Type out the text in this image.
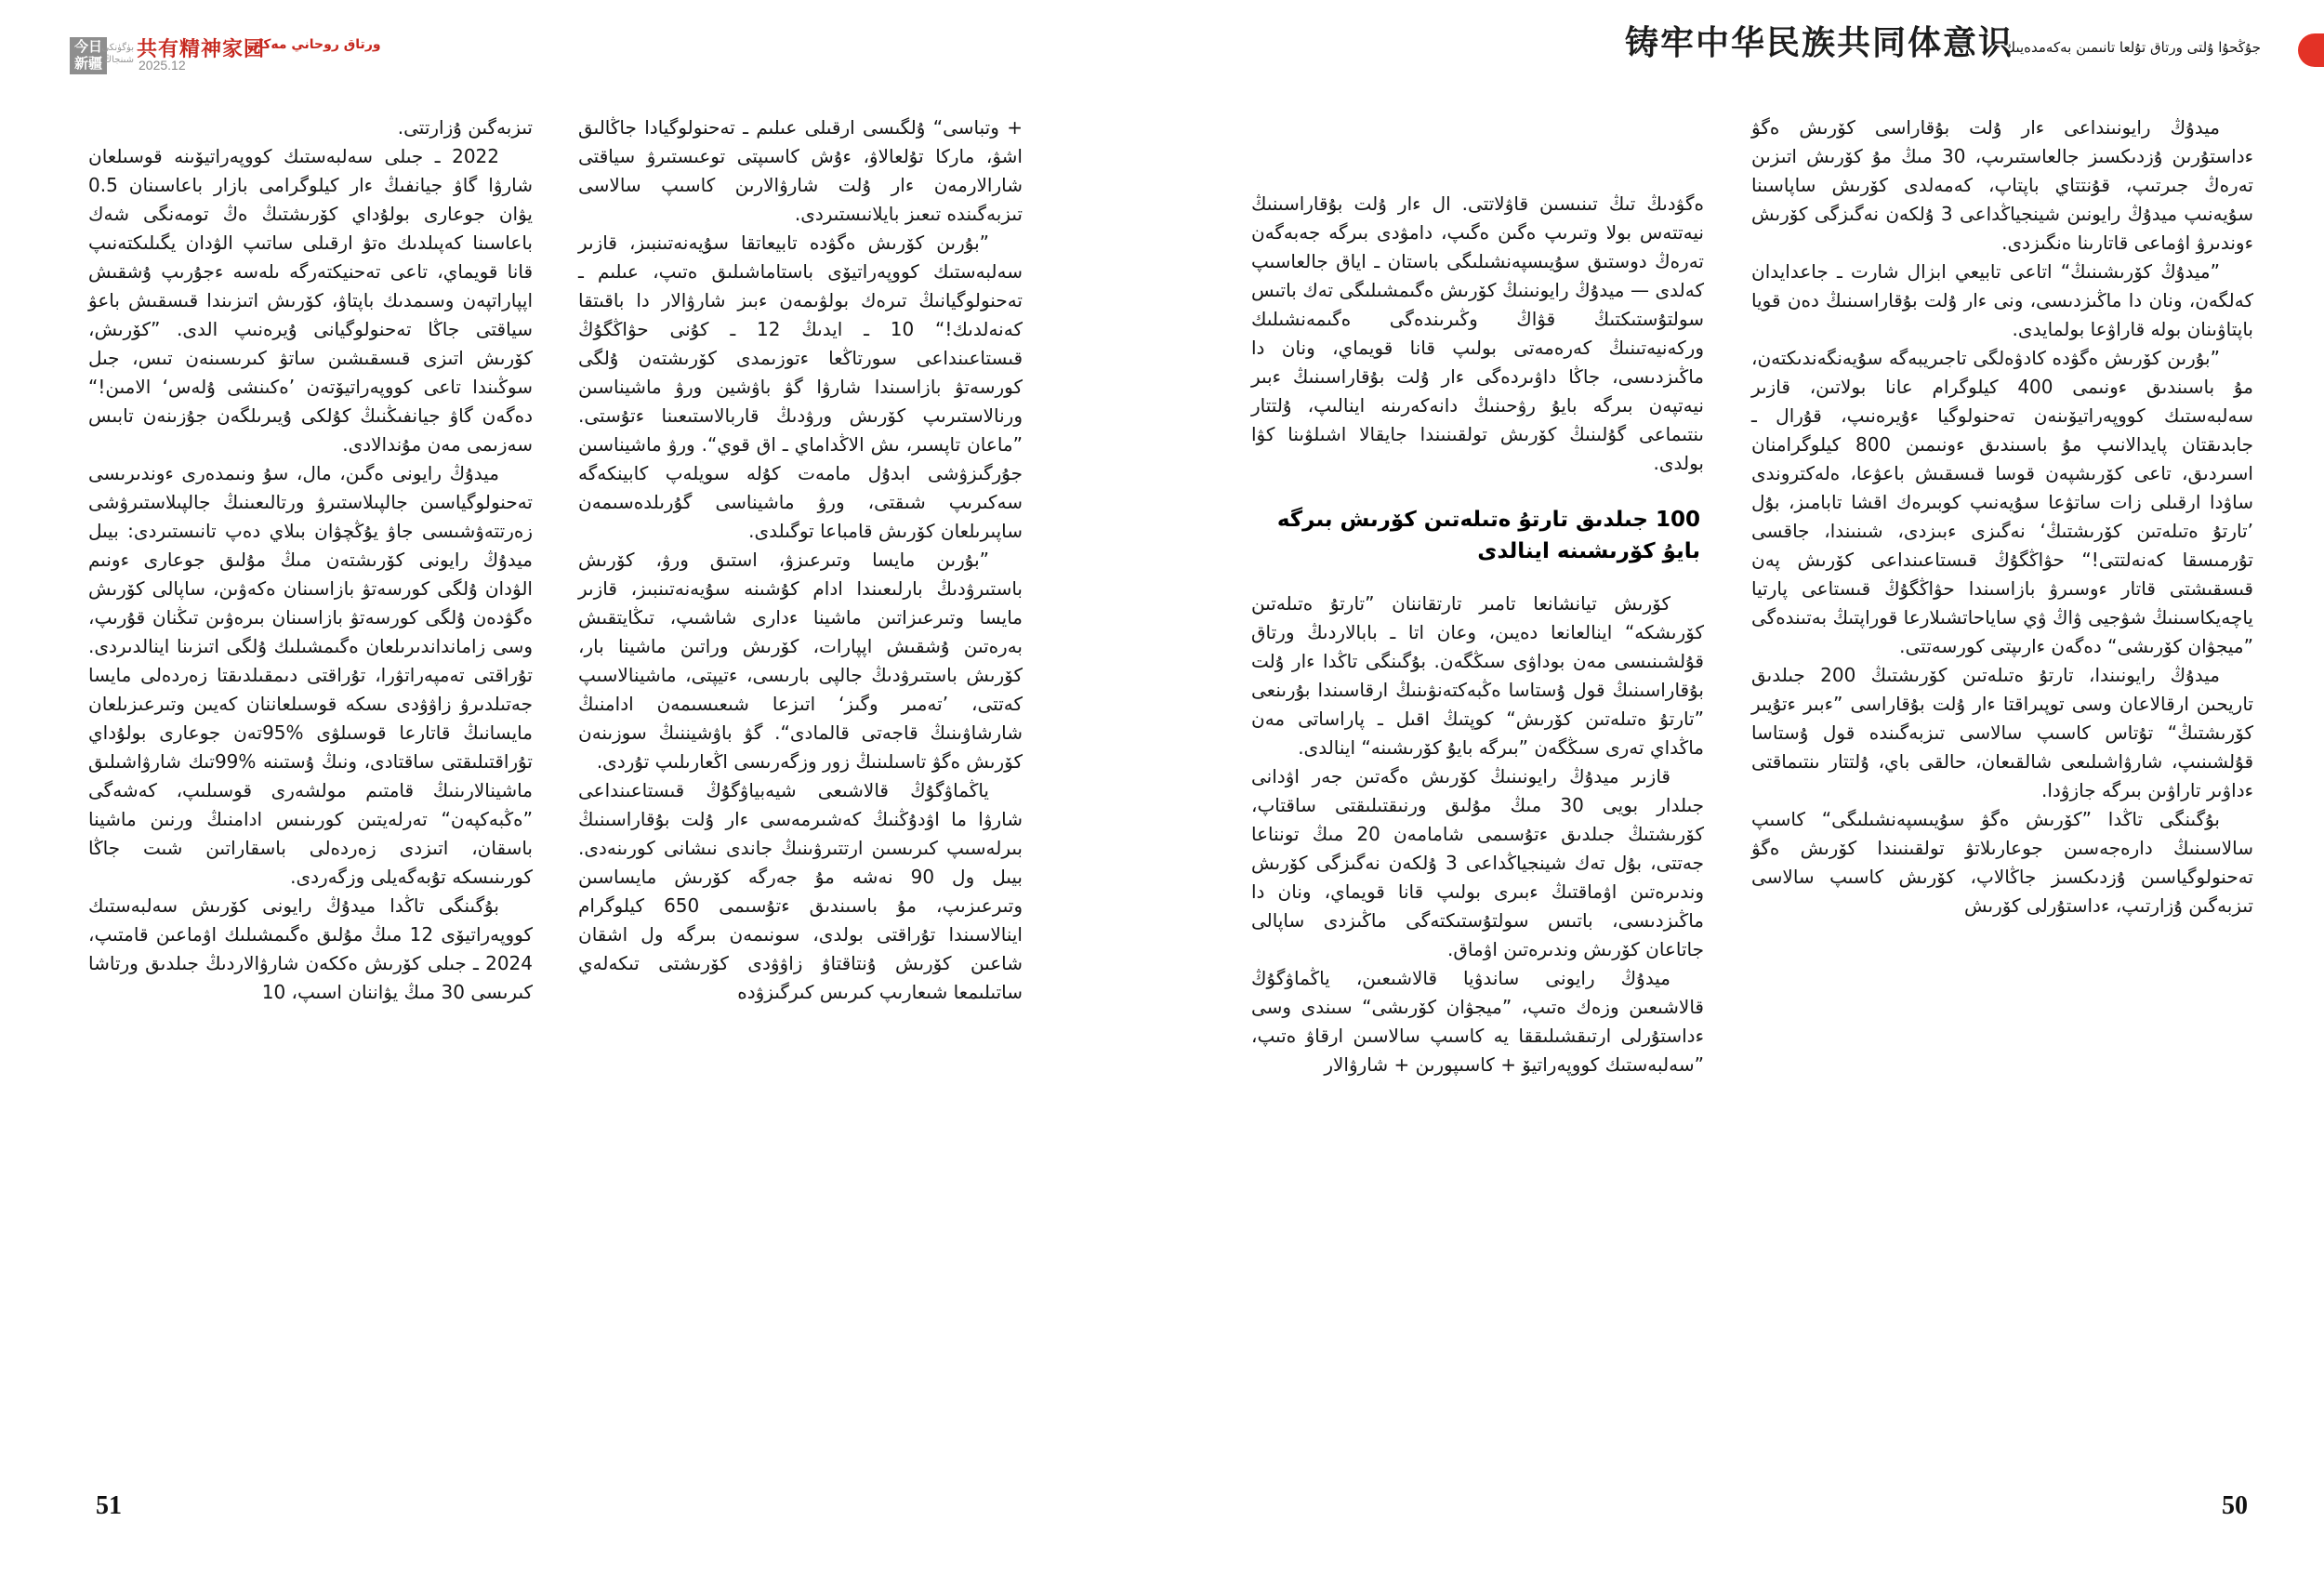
今日
新疆
بۈگۈنكى شىنجاڭ 共有精神家园
2025.12
ورتاق روحاني مەكان	铸牢中华民族共同体意识
جۇڭحۇا ۇلتى ورتاق تۇلعا تانىمىن بەكەمدەيىك

تىزبەگىن ۇزارتتى.

2022 ـ جىلى سەلبەستىك كووپەراتيۆىنە قوسىلعان شارۋا گاۋ جيانفىڭ ءار كيلوگرامى بازار باعاسىنان 0.5 يۋان جوعارى بولۇداي كۆرىشتىڭ ەڭ تومەنگى شەك باعاسىنا كەپىلدىك ەتۋ ارقىلى ساتىپ الۋدان يگىلىكتەنىپ قانا قويماي، تاعى تەحنيكتەرگە ىلەسە ءجۇرىپ ۇشقىش اپپاراتپەن وسىمدىك باپتاۋ، كۆرىش اتىزىندا قىسقىش باعۋ سياقتى جاڭا تەحنولوگيانى ۇيرەنىپ الدى. ”كۆرىش، كۆرىش اتىزى قىسقىشىن ساتۋ كىرىسىنەن تىس، جىل سوڭىندا تاعى كووپەراتيۆتەن ’ەكىنشى ۇلەس‘ الامىن!“ دەگەن گاۋ جيانفىڭنىڭ كۇلكى ۇيىرىلگەن جۇزىنەن تابىس سەزىمى مەن مۇندالادى.

ميدۇڭ رايونى ەگىن، مال، سۇ ونىمدەرى ءوندىرىسى تەحنولوگياسىن جالپىلاستىرۋ ورتالىعىنىڭ جالپىلاستىرۋشى زەرتتەۋشىسى جاۋ يۇڭچۋان بىلاي دەپ تانىستىردى: بيىل ميدۇڭ رايونى كۆرىشتەن مىڭ مۇلىق جوعارى ءونىم الۋدان ۇلگى كورسەتۋ بازاسىنان ەكەۋىن، ساپالى كۆرىش ەگۋدەن ۇلگى كورسەتۋ بازاسىنان بىرەۋىن تىڭنان قۇرىپ، وسى زامانداندىرىلعان ەگىمشىلىك ۇلگى اتىزىنا اينالدىردى. تۇراقتى تەمپەراتۋرا، تۇراقتى دىمقىلدىقتا زەردەلى مايسا جەتىلدىرۋ زاۋۋدى ىسكە قوسىلعاننان كەيىن وتىرعىزىلعان مايسانىڭ قاتارعا قوسىلۋى %95تەن جوعارى بولۇداي تۇراقتىلىقتى ساقتادى، ونىڭ ۇستىنە %99تىك شارۋاشىلىق ماشينالارىنىڭ قامتىم مولشەرى قوسىلىپ، كەشەگى ”ەڭبەكپەن“ تەرلەيتىن كورىنىس ادامنىڭ ورنىن ماشينا باسقان، اتىزدى زەردەلى باسقاراتىن شىت جاڭا كورىنىسكە تۇبەگەيلى وزگەردى.

بۇگىنگى تاڭدا ميدۇڭ رايونى كۆرىش سەلبەستىك كووپەراتيۆى 12 مىڭ مۇلىق ەگىمشىلىك اۋماعىن قامتىپ، 2024 ـ جىلى كۆرىش ەككەن شارۋالاردىڭ جىلدىق ورتاشا كىرىسى 30 مىڭ يۋاننان اسىپ، 10

+ وتباسى“ ۇلگىسى ارقىلى عىلىم ـ تەحنولوگيادا جاڭالىق اشۋ، ماركا تۇلعالاۋ، ءۇش كاسىپتى توعىستىرۋ سياقتى شارالارمەن ءار ۇلت شارۋالارىن كاسىپ سالاسى تىزبەگىندە تىعىز بايلانىستىردى.

”بۇرىن كۆرىش ەگۋدە تابيعاتقا سۇيەنەتىنبىز، قازىر سەلبەستىك كووپەراتيۆى باستاماشىلىق ەتىپ، عىلىم ـ تەحنولوگيانىڭ تىرەك بولۋىمەن ءبىز شارۋالار دا باقىتقا كەنەلدىك!“ 10 ـ ايدىڭ 12 ـ كۇنى حۋاڭگۇڭ قىستاعىنداعى سورتاڭعا ءتوزىمدى كۆرىشتەن ۇلگى كورسەتۋ بازاسىندا شارۋا گۋ باۋشين ورۋ ماشيناسىن ورنالاستىرىپ كۆرىش ورۋدىڭ قاربالاستىعىنا ءتۇستى. ”ماعان تاپسىر، ىش الاڭداماي ـ اق قوي“. ورۋ ماشيناسىن جۇرگىزۋشى ابدۇل مامەت كۇلە سويلەپ كابينكەگە سەكىرىپ شىقتى، ورۋ ماشيناسى گۇرىلدەسىمەن ساپىرىلعان كۆرىش قامباعا توگىلدى.

”بۇرىن مايسا وتىرعىزۋ، استىق ورۋ، كۆرىش باستىرۋدىڭ بارلىعىندا ادام كۇشىنە سۇيەنەتىنبىز، قازىر مايسا وتىرعىزاتىن ماشينا ءدارى شاشىپ، تىڭايتقىش بەرەتىن ۇشقىش اپپارات، كۆرىش وراتىن ماشينا بار، كۆرىش باستىرۋدىڭ جالپى بارىسى، ءتيپتى، ماشينالاسىپ كەتتى، ’تەمىر وگىز‘ اتىزعا شىعىسىمەن ادامنىڭ شارشاۋىنىڭ قاجەتى قالمادى“. گۋ باۋشيننىڭ سوزىنەن كۆرىش ەگۋ تاسىلىنىڭ زور وزگەرىسى اڭعارىلىپ تۇردى.

ياڭماۋگۇڭ قالاشىعى شيەبياۋگۇڭ قىستاعىنداعى شارۋا ما اۋدۇڭنىڭ كەشىرمەسى ءار ۇلت بۇقاراسىنىڭ بىرلەسىپ كىرىسىن ارتتىرۋىنىڭ جاندى نىشانى كورىنەدى. بيىل ول 90 نەشە مۇ جەرگە كۆرىش مايساسىن وتىرعىزىپ، مۇ باسىندىق ءتۇسىمى 650 كيلوگرام اينالاسىندا تۇراقتى بولدى، سونىمەن بىرگە ول اشقان شاعىن كۆرىش ۇنتاقتاۋ زاۋۋدى كۆرىشتى تىكەلەي ساتىلىمعا شىعارىپ كىرىس كىرگىزۋدە

ەگۋدىڭ تىڭ تىنىسىن قاۋلاتتى. ال ءار ۇلت بۇقاراسىنىڭ نيەتتەس بولا وتىرىپ ەگىن ەگىپ، دامۋدى بىرگە جەبەگەن تەرەڭ دوستىق سۇيىسپەنشىلىگى باستان ـ اياق جالعاسىپ كەلدى — ميدۇڭ رايونىنىڭ كۆرىش ەگىمشىلىگى تەك باتىس سولتۇستىكتىڭ قۋاڭ وڭىرىندەگى ەگىمەنشىلىك وركەنيەتىنىڭ كەرەمەتى بولىپ قانا قويماي، ونان دا ماڭىزدىسى، جاڭا داۋىردەگى ءار ۇلت بۇقاراسىنىڭ ءبىر نيەتپەن بىرگە بايۇ رۋحىنىڭ دانەكەرىنە اينالىپ، ۇلتتار ىنتىماعى گۇلىنىڭ كۆرىش تولقىنىندا جايقالا اشىلۋىنا كۋا بولدى.

100 جىلدىق تارتۇ ەتىلەتىن كۆرىش بىرگە بايۇ كۆرىشىنە اينالدى

كۆرىش تيانشانعا تامىر تارتقاننان ”تارتۇ ەتىلەتىن كۆرىشكە“ اينالعانعا دەيىن، وعان اتا ـ بابالاردىڭ ورتاق قۇلشىنىسى مەن بوداۋى سىڭگەن. بۇگىنگى تاڭدا ءار ۇلت بۇقاراسىنىڭ قول ۇستاسا ەڭبەكتەنۋىنىڭ ارقاسىندا بۇرىنعى ”تارتۇ ەتىلەتىن كۆرىش“ كوپتىڭ اقىل ـ پاراساتى مەن ماڭداي تەرى سىڭگەن ”بىرگە بايۇ كۆرىشىنە“ اينالدى.

قازىر ميدۇڭ رايونىنىڭ كۆرىش ەگەتىن جەر اۋدانى جىلدار بويى 30 مىڭ مۇلىق ورنىقتىلىقتى ساقتاپ، كۆرىشتىڭ جىلدىق ءتۇسىمى شامامەن 20 مىڭ تونناعا جەتتى، بۇل تەك شينجياڭداعى 3 ۇلكەن نەگىزگى كۆرىش وندىرەتىن اۋماقتىڭ ءبىرى بولىپ قانا قويماي، ونان دا ماڭىزدىسى، باتىس سولتۇستىكتەگى ماڭىزدى ساپالى جاتاعان كۆرىش وندىرەتىن اۋماق.

ميدۇڭ رايونى ساندۋيا قالاشىعىن، ياڭماۋگۇڭ قالاشىعىن وزەك ەتىپ، ”ميجۋان كۆرىشى“ سىندى وسى ءداستۇرلى ارتىقشىلىققا يە كاسىپ سالاسىن ارقاۋ ەتىپ، ”سەلبەستىك كووپەراتيۆ + كاسىپورىن + شارۋالار

ميدۇڭ رايونىنداعى ءار ۇلت بۇقاراسى كۆرىش ەگۋ ءداستۇرىن ۇزدىكسىز جالعاستىرىپ، 30 مىڭ مۇ كۆرىش اتىزىن تەرەڭ جىرتىپ، قۇنتتاي باپتاپ، كەمەلدى كۆرىش ساپاسىنا سۇيەنىپ ميدۇڭ رايونىن شينجياڭداعى 3 ۇلكەن نەگىزگى كۆرىش ءوندىرۋ اۋماعى قاتارىنا ەنگىزدى.

”ميدۇڭ كۆرىشىنىڭ“ اتاعى تابيعي ابزال شارت ـ جاعدايدان كەلگەن، ونان دا ماڭىزدىسى، ونى ءار ۇلت بۇقاراسىنىڭ دەن قويا باپتاۋىنان بولە قاراۋعا بولمايدى.

”بۇرىن كۆرىش ەگۋدە كادۋەلگى تاجىريبەگە سۇيەنگەندىكتەن، مۇ باسىندىق ءونىمى 400 كيلوگرام عانا بولاتىن، قازىر سەلبەستىك كووپەراتيۆىنەن تەحنولوگيا ءۇيرەنىپ، قۇرال ـ جابدىقتان پايدالانىپ مۇ باسىندىق ءونىمىن 800 كيلوگرامنان اسىردىق، تاعى كۆرىشپەن قوسا قىسقىش باعۋعا، ەلەكتروندى ساۋدا ارقىلى زات ساتۋعا سۇيەنىپ كوبىرەك اقشا تابامىز، بۇل ’تارتۇ ەتىلەتىن كۆرىشتىڭ‘ نەگىزى ءبىزدى، شىنىندا، جاقسى تۇرمىسقا كەنەلتتى!“ حۋاڭگۇڭ قىستاعىنداعى كۆرىش پەن قىسقىشتى قاتار ءوسىرۋ بازاسىندا حۋاڭگۇڭ قىستاعى پارتيا ياچەيكاسىنىڭ شۋجيى ۋاڭ ۋي ساياحاتشىلارعا قوراپتىڭ بەتىندەگى ”ميجۋان كۆرىشى“ دەگەن ءارىپتى كورسەتتى.

ميدۇڭ رايونىندا، تارتۇ ەتىلەتىن كۆرىشتىڭ 200 جىلدىق تاريحىن ارقالاعان وسى توپىراقتا ءار ۇلت بۇقاراسى ”ءبىر ءتۇيىر كۆرىشتىڭ“ تۇتاس كاسىپ سالاسى تىزبەگىندە قول ۇستاسا قۇلشىنىپ، شارۋاشىلىعى شالقىعان، حالقى باي، ۇلتتار ىنتىماقتى ءداۋىر تاراۋىن بىرگە جازۋدا.

بۇگىنگى تاڭدا ”كۆرىش ەگۋ سۇيىسپەنشىلىگى“ كاسىپ سالاسىنىڭ دارەجەسىن جوعارىلاتۋ تولقىنىندا كۆرىش ەگۋ تەحنولوگياسىن ۇزدىكسىز جاڭالاپ، كۆرىش كاسىپ سالاسى تىزبەگىن ۇزارتىپ، ءداستۇرلى كۆرىش

51	50
